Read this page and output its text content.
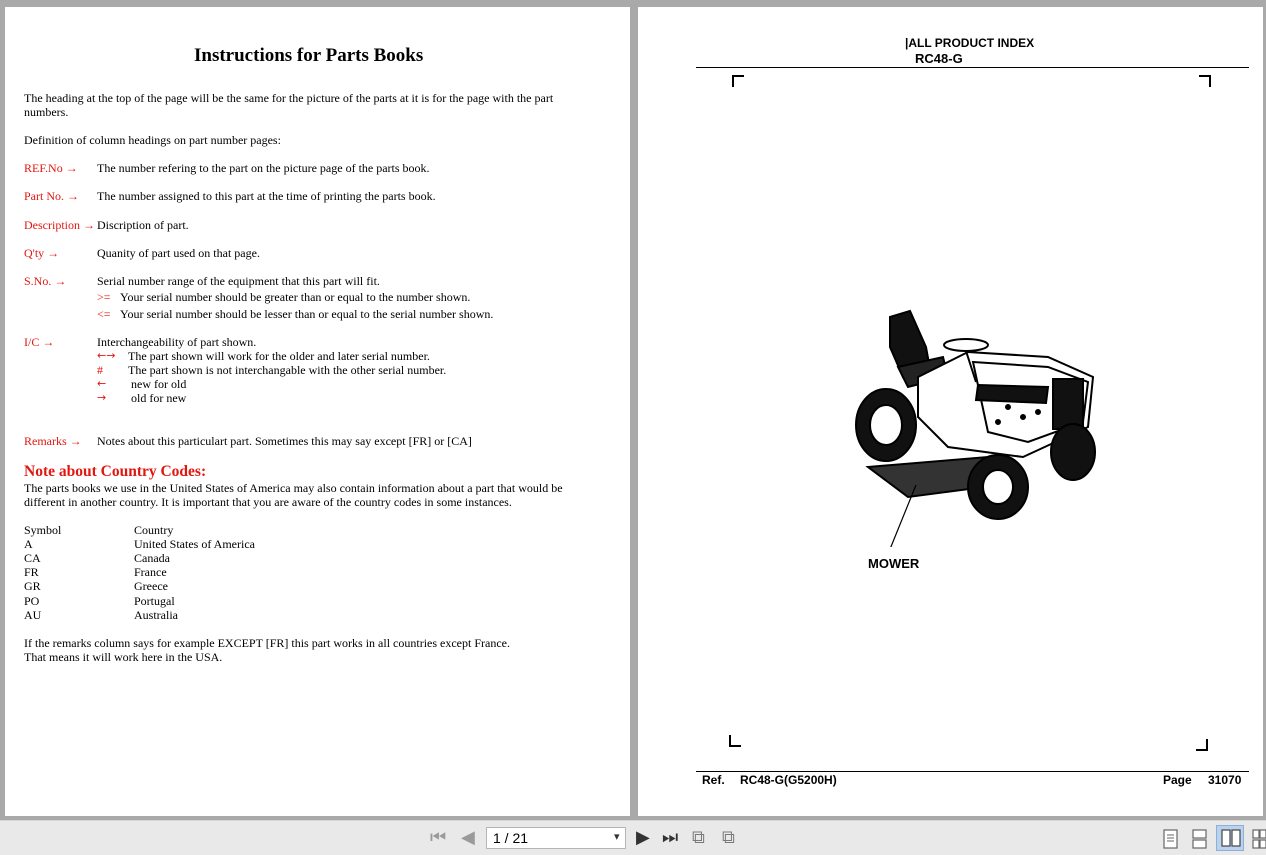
Instructions for Parts Books
The heading at the top of the page will be the same for the picture of the parts at it is for the page with the part
numbers.
Definition of column headings on part number pages:
REF.No → The number refering to the part on the picture page of the parts book.
Part No. → The number assigned to this part at the time of printing the parts book.
Description → Discription of part.
Q'ty →	Quanity of part used on that page.
S.No. →	Serial number range of the equipment that this part will fit.
>= Your serial number should be greater than or equal to the number shown.
<= Your serial number should be lesser than or equal to the serial number shown.
I/C →	Interchangeability of part shown.
←→ The part shown will work for the older and later serial number.
# The part shown is not interchangable with the other serial number.
← new for old
→ old for new
Remarks → Notes about this particulart part. Sometimes this may say except [FR] or [CA]
Note about Country Codes:
The parts books we use in the United States of America may also contain information about a part that would be
different in another country. It is important that you are aware of the country codes in some instances.
Symbol	Country
A	United States of America
CA	Canada
FR	France
GR	Greece
PO	Portugal
AU	Australia
If the remarks column says for example EXCEPT [FR] this part works in all countries except France.
That means it will work here in the USA.
|ALL PRODUCT INDEX
RC48-G
MOWER
Ref. RC48-G(G5200H)	Page 31070
⏮ ◀ 1 / 21	▾ ▶ ⏭ ⧉ ⧉
